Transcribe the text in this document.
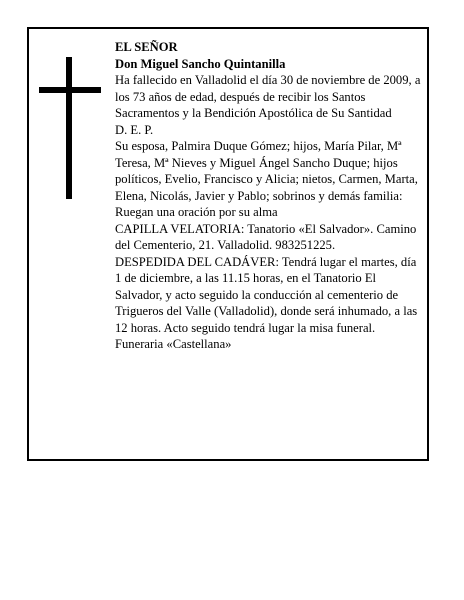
EL SEÑOR

Don Miguel Sancho Quintanilla

Ha fallecido en Valladolid el día 30 de noviembre de 2009, a los 73 años de edad, después de recibir los Santos Sacramentos y la Bendición Apostólica de Su Santidad

D. E. P.

Su esposa, Palmira Duque Gómez; hijos, María Pilar, Mª Teresa, Mª Nieves y Miguel Ángel Sancho Duque; hijos políticos, Evelio, Francisco y Alicia; nietos, Carmen, Marta, Elena, Nicolás, Javier y Pablo; sobrinos y demás familia:

Ruegan una oración por su alma

CAPILLA VELATORIA: Tanatorio «El Salvador». Camino del Cementerio, 21. Valladolid. 983251225.

DESPEDIDA DEL CADÁVER: Tendrá lugar el martes, día 1 de diciembre, a las 11.15 horas, en el Tanatorio El Salvador, y acto seguido la conducción al cementerio de Trigueros del Valle (Valladolid), donde será inhumado, a las 12 horas. Acto seguido tendrá lugar la misa funeral.

Funeraria «Castellana»
